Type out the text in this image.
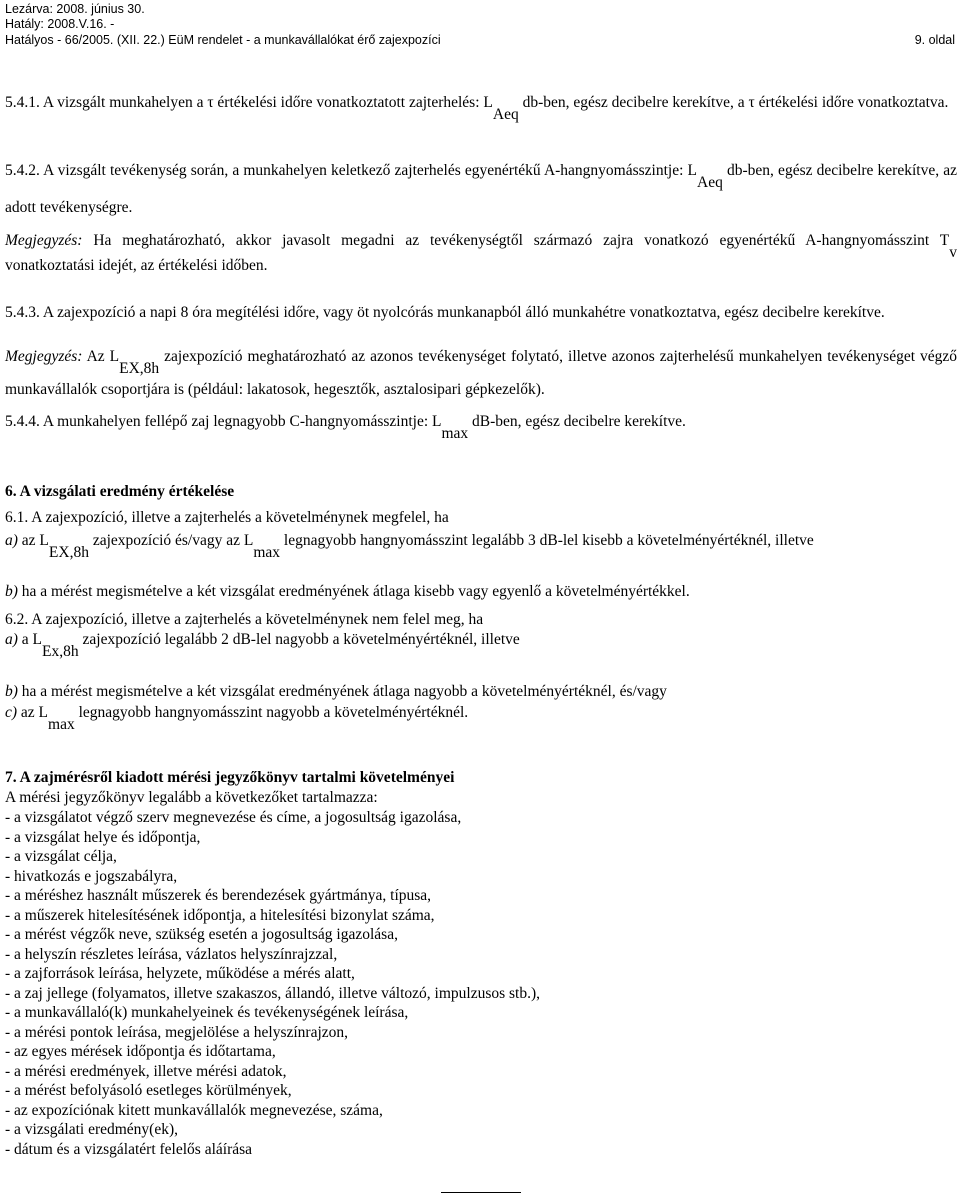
Lezárva: 2008. június 30.
Hatály: 2008.V.16. -
Hatályos - 66/2005. (XII. 22.) EüM rendelet - a munkavállalókat érő zajexpozíci	9. oldal
5.4.1. A vizsgált munkahelyen a τ értékelési időre vonatkoztatott zajterhelés: LAeq db-ben, egész decibelre kerekítve, a τ értékelési időre vonatkoztatva.
5.4.2. A vizsgált tevékenység során, a munkahelyen keletkező zajterhelés egyenértékű A-hangnyomásszintje: LAeq db-ben, egész decibelre kerekítve, az adott tevékenységre.
Megjegyzés: Ha meghatározható, akkor javasolt megadni az tevékenységtől származó zajra vonatkozó egyenértékű A-hangnyomásszint Tv vonatkoztatási idejét, az értékelési időben.
5.4.3. A zajexpozíció a napi 8 óra megítélési időre, vagy öt nyolcórás munkanapból álló munkahétre vonatkoztatva, egész decibelre kerekítve.
Megjegyzés: Az LEX,8h zajexpozíció meghatározható az azonos tevékenységet folytató, illetve azonos zajterhelésű munkahelyen tevékenységet végző munkavállalók csoportjára is (például: lakatosok, hegesztők, asztalosipari gépkezelők).
5.4.4. A munkahelyen fellépő zaj legnagyobb C-hangnyomásszintje: Lmax dB-ben, egész decibelre kerekítve.
6. A vizsgálati eredmény értékelése
6.1. A zajexpozíció, illetve a zajterhelés a követelménynek megfelel, ha
a) az LEX,8h zajexpozíció és/vagy az Lmax legnagyobb hangnyomásszint legalább 3 dB-lel kisebb a követelményértéknél, illetve
b) ha a mérést megismételve a két vizsgálat eredményének átlaga kisebb vagy egyenlő a követelményértékkel.
6.2. A zajexpozíció, illetve a zajterhelés a követelménynek nem felel meg, ha
a) a LEx,8h zajexpozíció legalább 2 dB-lel nagyobb a követelményértéknél, illetve
b) ha a mérést megismételve a két vizsgálat eredményének átlaga nagyobb a követelményértéknél, és/vagy
c) az Lmax legnagyobb hangnyomásszint nagyobb a követelményértéknél.
7. A zajmérésről kiadott mérési jegyzőkönyv tartalmi követelményei
A mérési jegyzőkönyv legalább a következőket tartalmazza:
- a vizsgálatot végző szerv megnevezése és címe, a jogosultság igazolása,
- a vizsgálat helye és időpontja,
- a vizsgálat célja,
- hivatkozás e jogszabályra,
- a méréshez használt műszerek és berendezések gyártmánya, típusa,
- a műszerek hitelesítésének időpontja, a hitelesítési bizonylat száma,
- a mérést végzők neve, szükség esetén a jogosultság igazolása,
- a helyszín részletes leírása, vázlatos helyszínrajzzal,
- a zajforrások leírása, helyzete, működése a mérés alatt,
- a zaj jellege (folyamatos, illetve szakaszos, állandó, illetve változó, impulzusos stb.),
- a munkavállaló(k) munkahelyeinek és tevékenységének leírása,
- a mérési pontok leírása, megjelölése a helyszínrajzon,
- az egyes mérések időpontja és időtartama,
- a mérési eredmények, illetve mérési adatok,
- a mérést befolyásoló esetleges körülmények,
- az expozíciónak kitett munkavállalók megnevezése, száma,
- a vizsgálati eredmény(ek),
- dátum és a vizsgálatért felelős aláírása
